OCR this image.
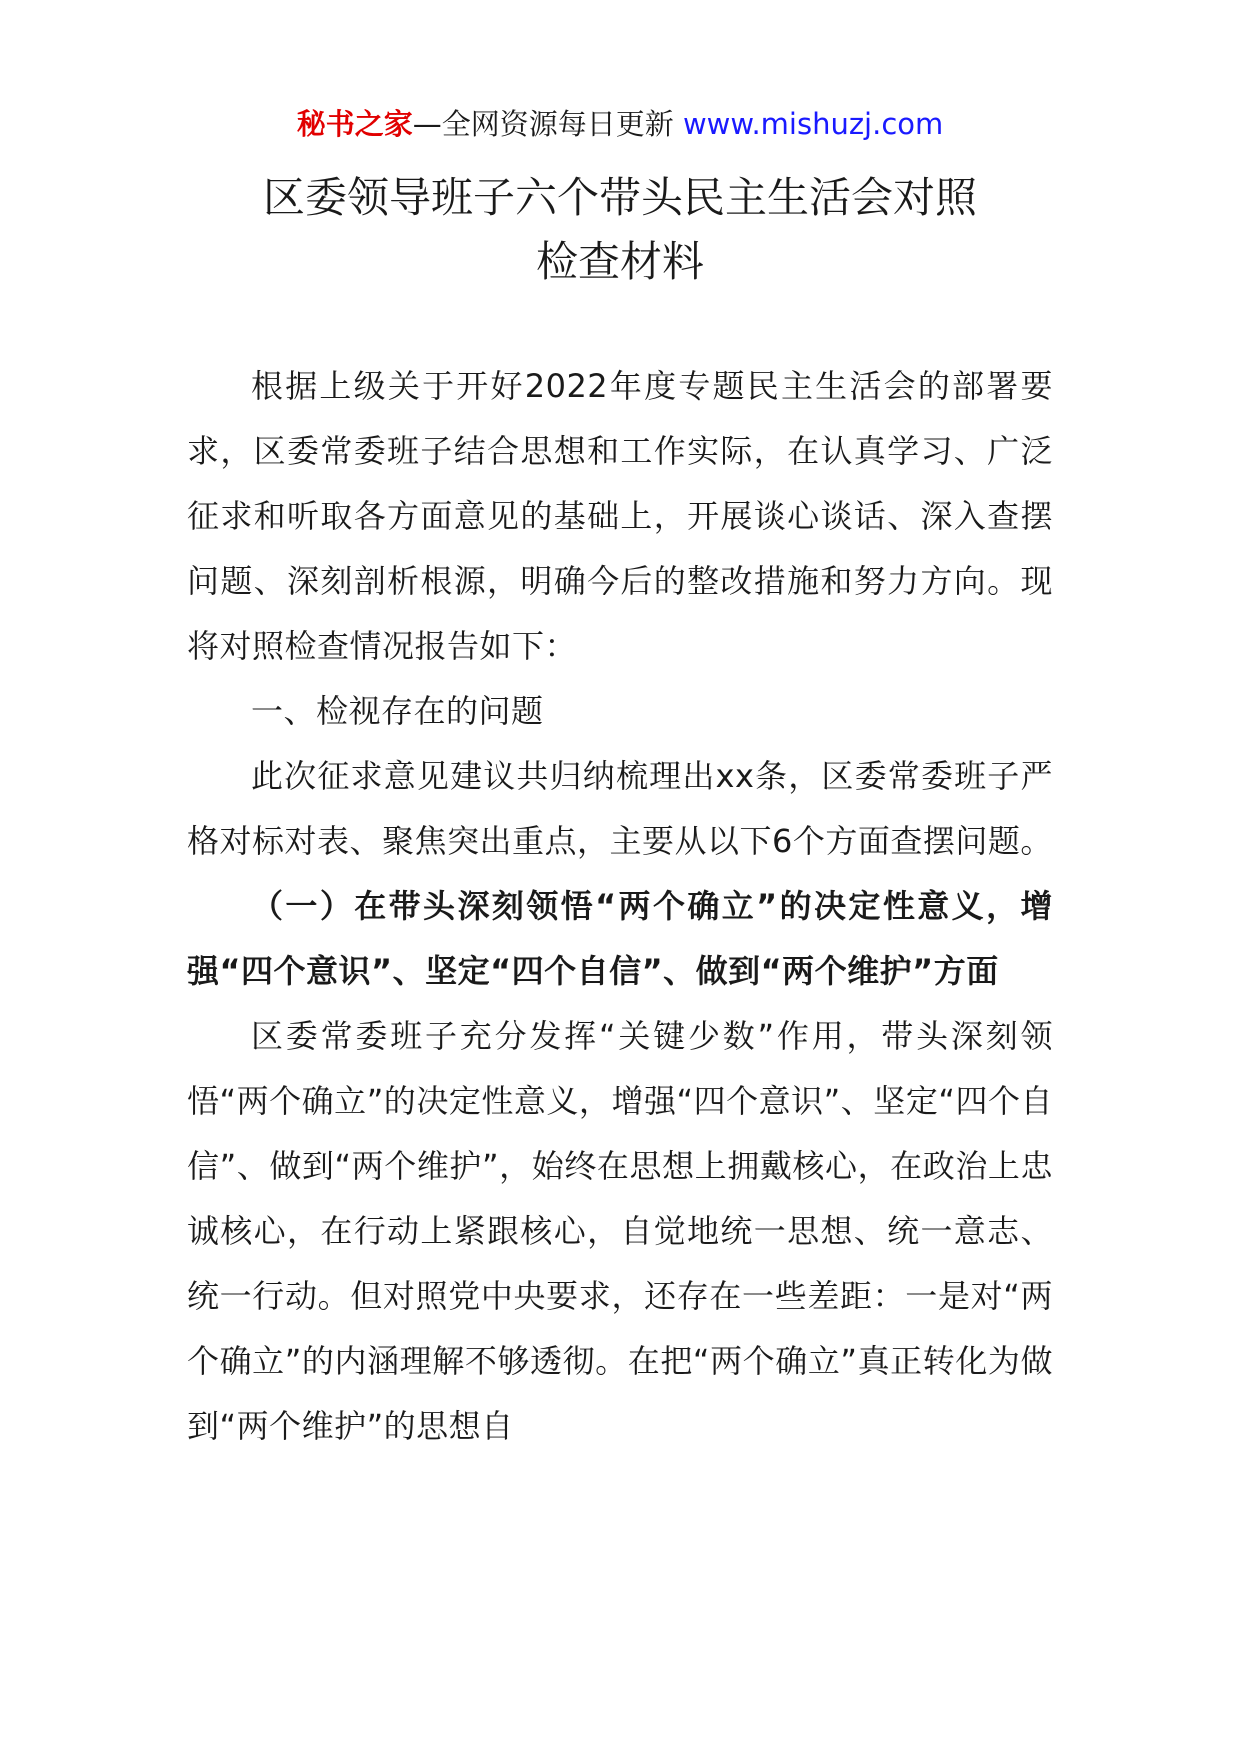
秘书之家—全网资源每日更新 www.mishuzj.com
区委领导班子六个带头民主生活会对照
检查材料

根据上级关于开好2022年度专题民主生活会的部署要求，区委常委班子结合思想和工作实际，在认真学习、广泛征求和听取各方面意见的基础上，开展谈心谈话、深入查摆问题、深刻剖析根源，明确今后的整改措施和努力方向。现将对照检查情况报告如下：

一、检视存在的问题

此次征求意见建议共归纳梳理出xx条，区委常委班子严格对标对表、聚焦突出重点，主要从以下6个方面查摆问题。

（一）在带头深刻领悟“两个确立”的决定性意义，增强“四个意识”、坚定“四个自信”、做到“两个维护”方面

区委常委班子充分发挥“关键少数”作用，带头深刻领悟“两个确立”的决定性意义，增强“四个意识”、坚定“四个自信”、做到“两个维护”，始终在思想上拥戴核心，在政治上忠诚核心，在行动上紧跟核心，自觉地统一思想、统一意志、统一行动。但对照党中央要求，还存在一些差距：一是对“两个确立”的内涵理解不够透彻。在把“两个确立”真正转化为做到“两个维护”的思想自
